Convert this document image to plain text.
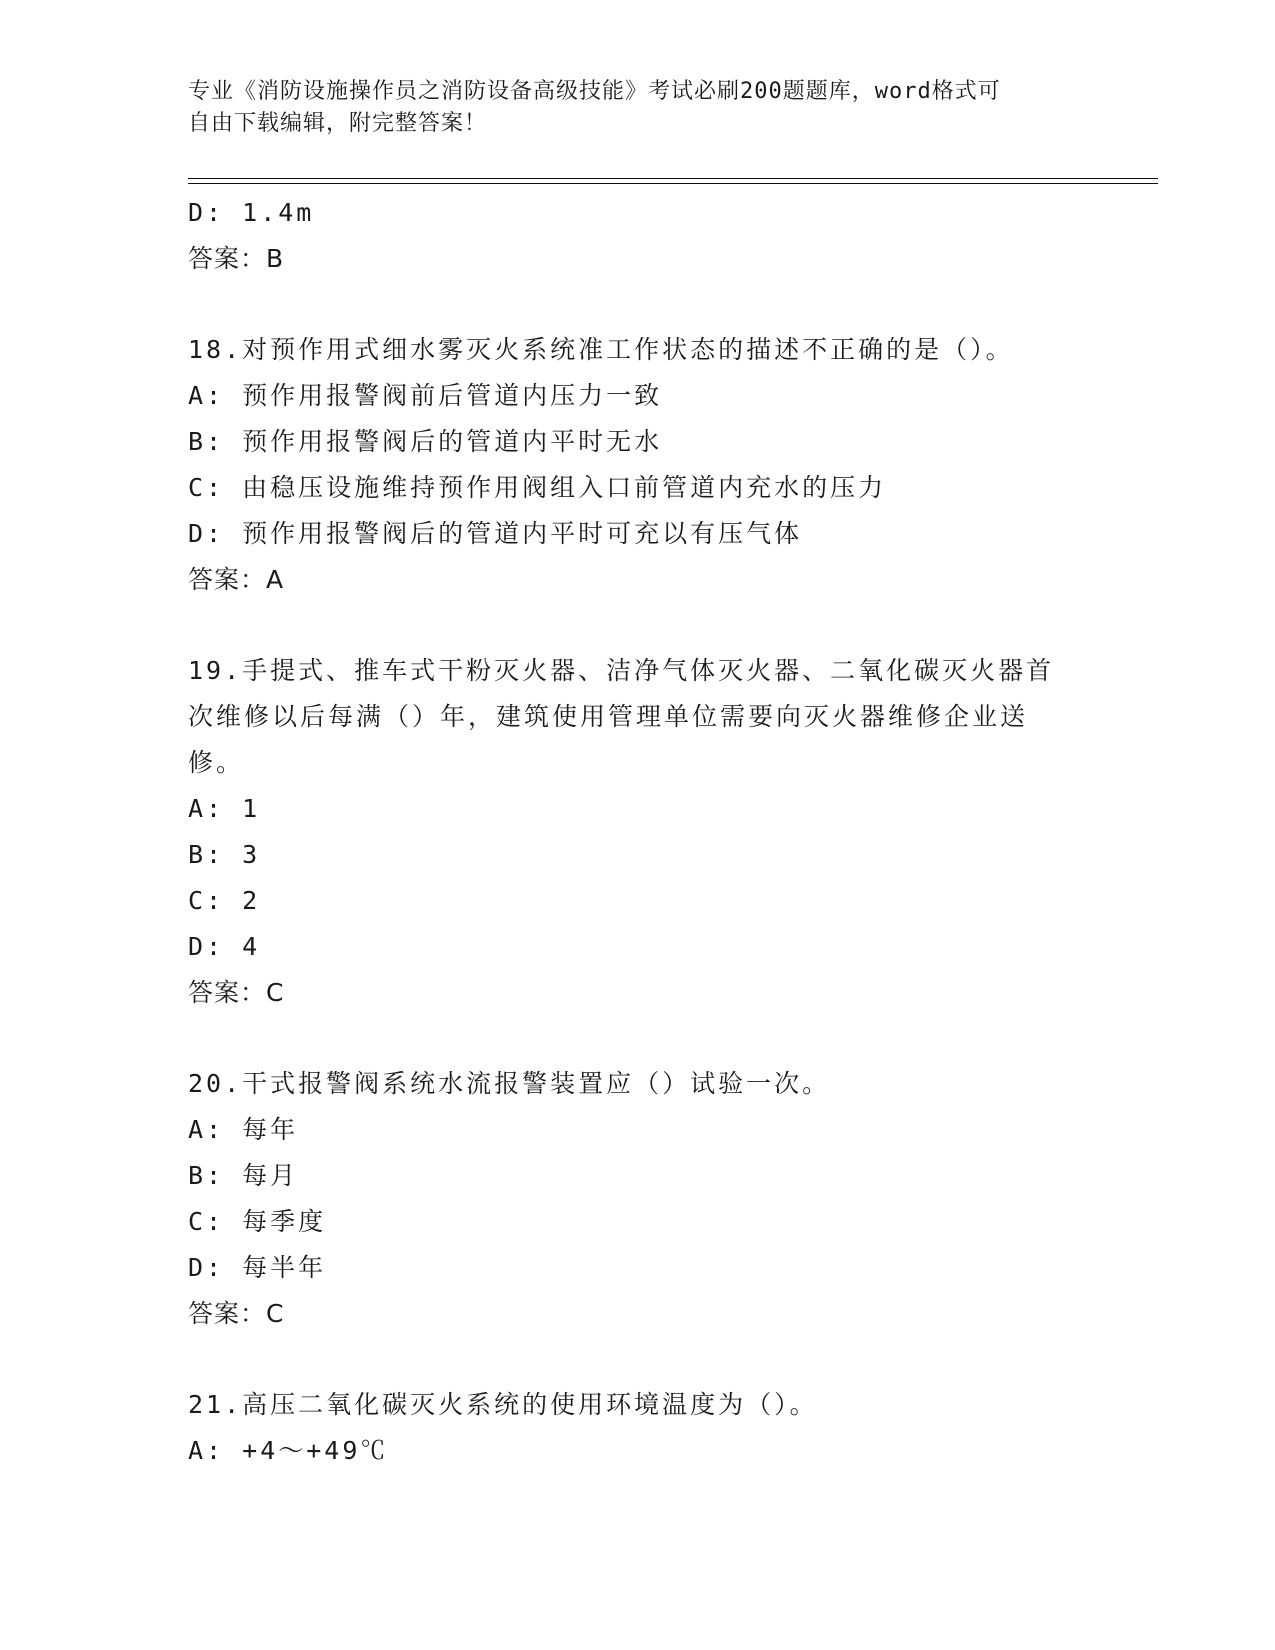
专业《消防设施操作员之消防设备高级技能》考试必刷200题题库，word格式可
自由下载编辑，附完整答案！
D: 1.4m
答案：B
18.对预作用式细水雾灭火系统准工作状态的描述不正确的是（）。
A: 预作用报警阀前后管道内压力一致
B: 预作用报警阀后的管道内平时无水
C: 由稳压设施维持预作用阀组入口前管道内充水的压力
D: 预作用报警阀后的管道内平时可充以有压气体
答案：A
19.手提式、推车式干粉灭火器、洁净气体灭火器、二氧化碳灭火器首
次维修以后每满（）年，建筑使用管理单位需要向灭火器维修企业送
修。
A: 1
B: 3
C: 2
D: 4
答案：C
20.干式报警阀系统水流报警装置应（）试验一次。
A: 每年
B: 每月
C: 每季度
D: 每半年
答案：C
21.高压二氧化碳灭火系统的使用环境温度为（）。
A: +4～+49℃
